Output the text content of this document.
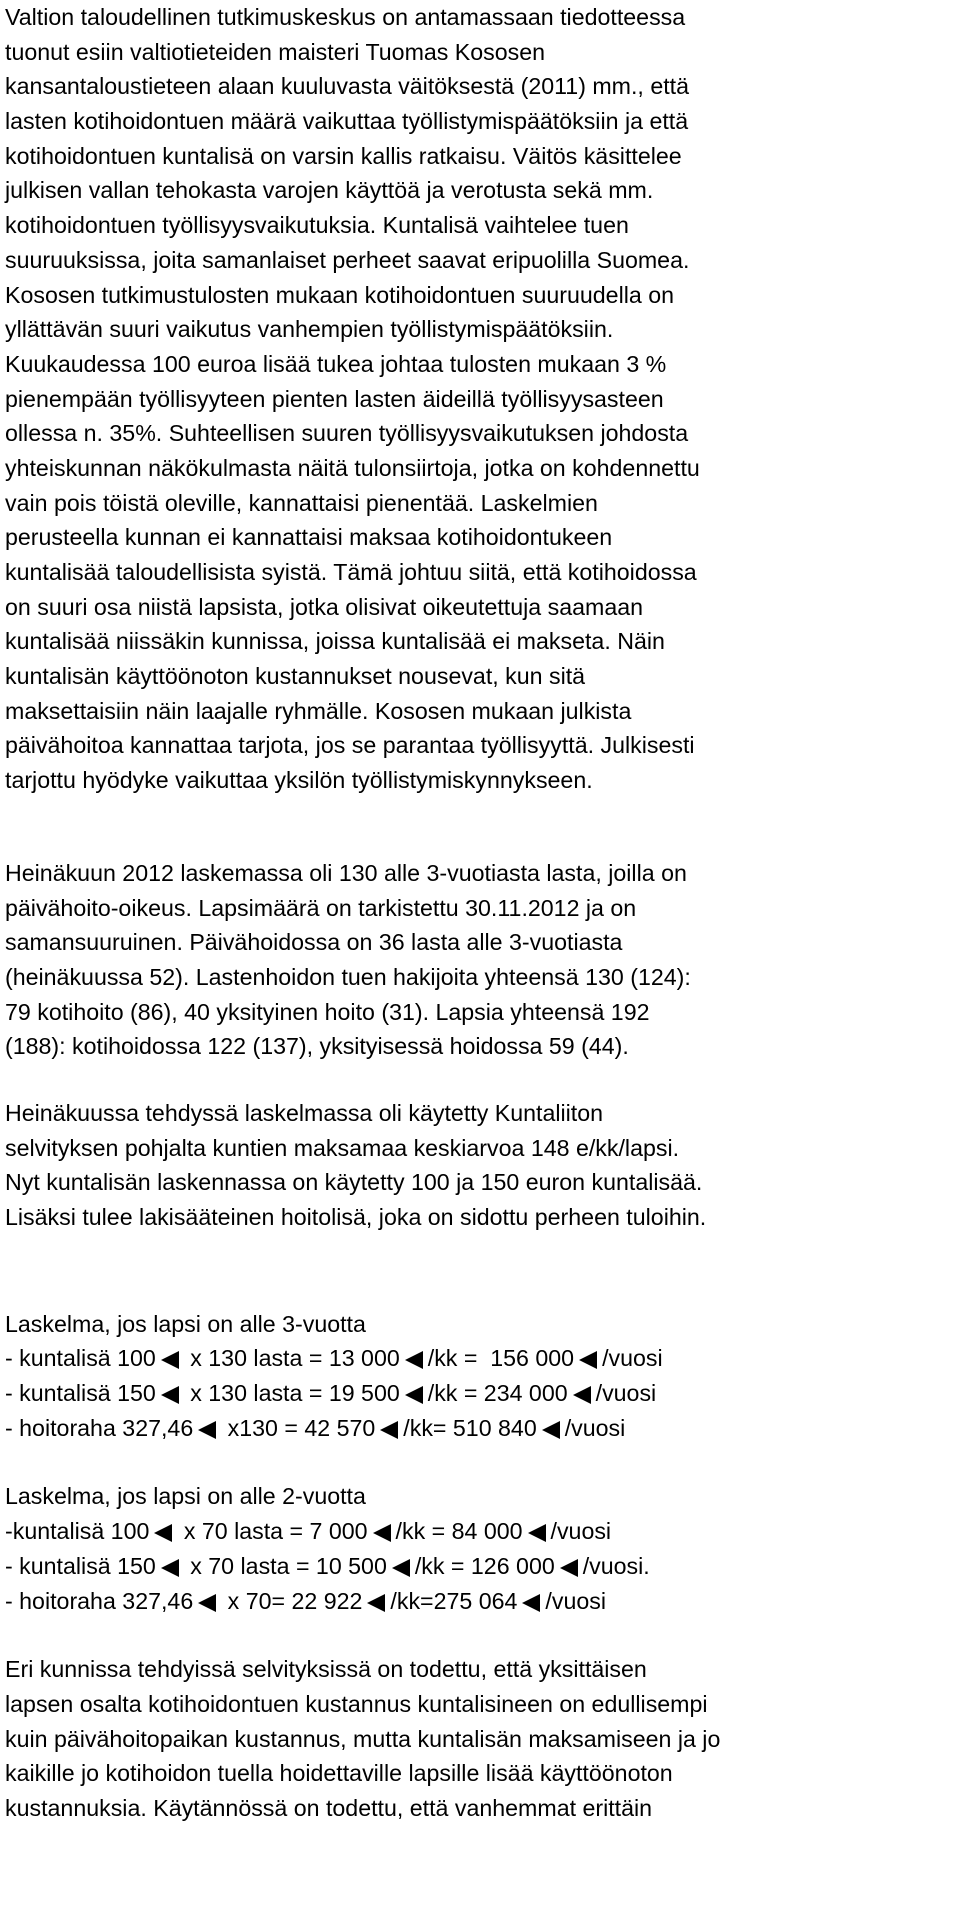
Valtion taloudellinen tutkimuskeskus on antamassaan tiedotteessa
tuonut esiin valtiotieteiden maisteri Tuomas Kososen
kansantaloustieteen alaan kuuluvasta väitöksestä (2011) mm., että
lasten kotihoidontuen määrä vaikuttaa työllistymispäätöksiin ja että
kotihoidontuen kuntalisä on varsin kallis ratkaisu. Väitös käsittelee
julkisen vallan tehokasta varojen käyttöä ja verotusta sekä mm.
kotihoidontuen työllisyysvaikutuksia. Kuntalisä vaihtelee tuen
suuruuksissa, joita samanlaiset perheet saavat eripuolilla Suomea.
Kososen tutkimustulosten mukaan kotihoidontuen suuruudella on
yllättävän suuri vaikutus vanhempien työllistymispäätöksiin.
Kuukaudessa 100 euroa lisää tukea johtaa tulosten mukaan 3 %
pienempään työllisyyteen pienten lasten äideillä työllisyysasteen
ollessa n. 35%. Suhteellisen suuren työllisyysvaikutuksen johdosta
yhteiskunnan näkökulmasta näitä tulonsiirtoja, jotka on kohdennettu
vain pois töistä oleville, kannattaisi pienentää. Laskelmien
perusteella kunnan ei kannattaisi maksaa kotihoidontukeen
kuntalisää taloudellisista syistä. Tämä johtuu siitä, että kotihoidossa
on suuri osa niistä lapsista, jotka olisivat oikeutettuja saamaan
kuntalisää niissäkin kunnissa, joissa kuntalisää ei makseta. Näin
kuntalisän käyttöönoton kustannukset nousevat, kun sitä
maksettaisiin näin laajalle ryhmälle. Kososen mukaan julkista
päivähoitoa kannattaa tarjota, jos se parantaa työllisyyttä. Julkisesti
tarjottu hyödyke vaikuttaa yksilön työllistymiskynnykseen.

Heinäkuun 2012 laskemassa oli 130 alle 3-vuotiasta lasta, joilla on
päivähoito-oikeus. Lapsimäärä on tarkistettu 30.11.2012 ja on
samansuuruinen. Päivähoidossa on 36 lasta alle 3-vuotiasta
(heinäkuussa 52). Lastenhoidon tuen hakijoita yhteensä 130 (124):
79 kotihoito (86), 40 yksityinen hoito (31). Lapsia yhteensä 192
(188): kotihoidossa 122 (137), yksityisessä hoidossa 59 (44).

Heinäkuussa tehdyssä laskelmassa oli käytetty Kuntaliiton
selvityksen pohjalta kuntien maksamaa keskiarvoa 148 e/kk/lapsi.
Nyt kuntalisän laskennassa on käytetty 100 ja 150 euron kuntalisää.
Lisäksi tulee lakisääteinen hoitolisä, joka on sidottu perheen tuloihin.

Laskelma, jos lapsi on alle 3-vuotta
- kuntalisä 100 x 130 lasta = 13 000 /kk =  156 000 /vuosi
- kuntalisä 150 x 130 lasta = 19 500 /kk = 234 000 /vuosi
- hoitoraha 327,46 x130 = 42 570 /kk= 510 840 /vuosi
Laskelma, jos lapsi on alle 2-vuotta
-kuntalisä 100 x 70 lasta = 7 000 /kk = 84 000 /vuosi
- kuntalisä 150 x 70 lasta = 10 500 /kk = 126 000 /vuosi.
- hoitoraha 327,46 x 70= 22 922 /kk=275 064 /vuosi

Eri kunnissa tehdyissä selvityksissä on todettu, että yksittäisen
lapsen osalta kotihoidontuen kustannus kuntalisineen on edullisempi
kuin päivähoitopaikan kustannus, mutta kuntalisän maksamiseen ja jo
kaikille jo kotihoidon tuella hoidettaville lapsille lisää käyttöönoton
kustannuksia. Käytännössä on todettu, että vanhemmat erittäin
